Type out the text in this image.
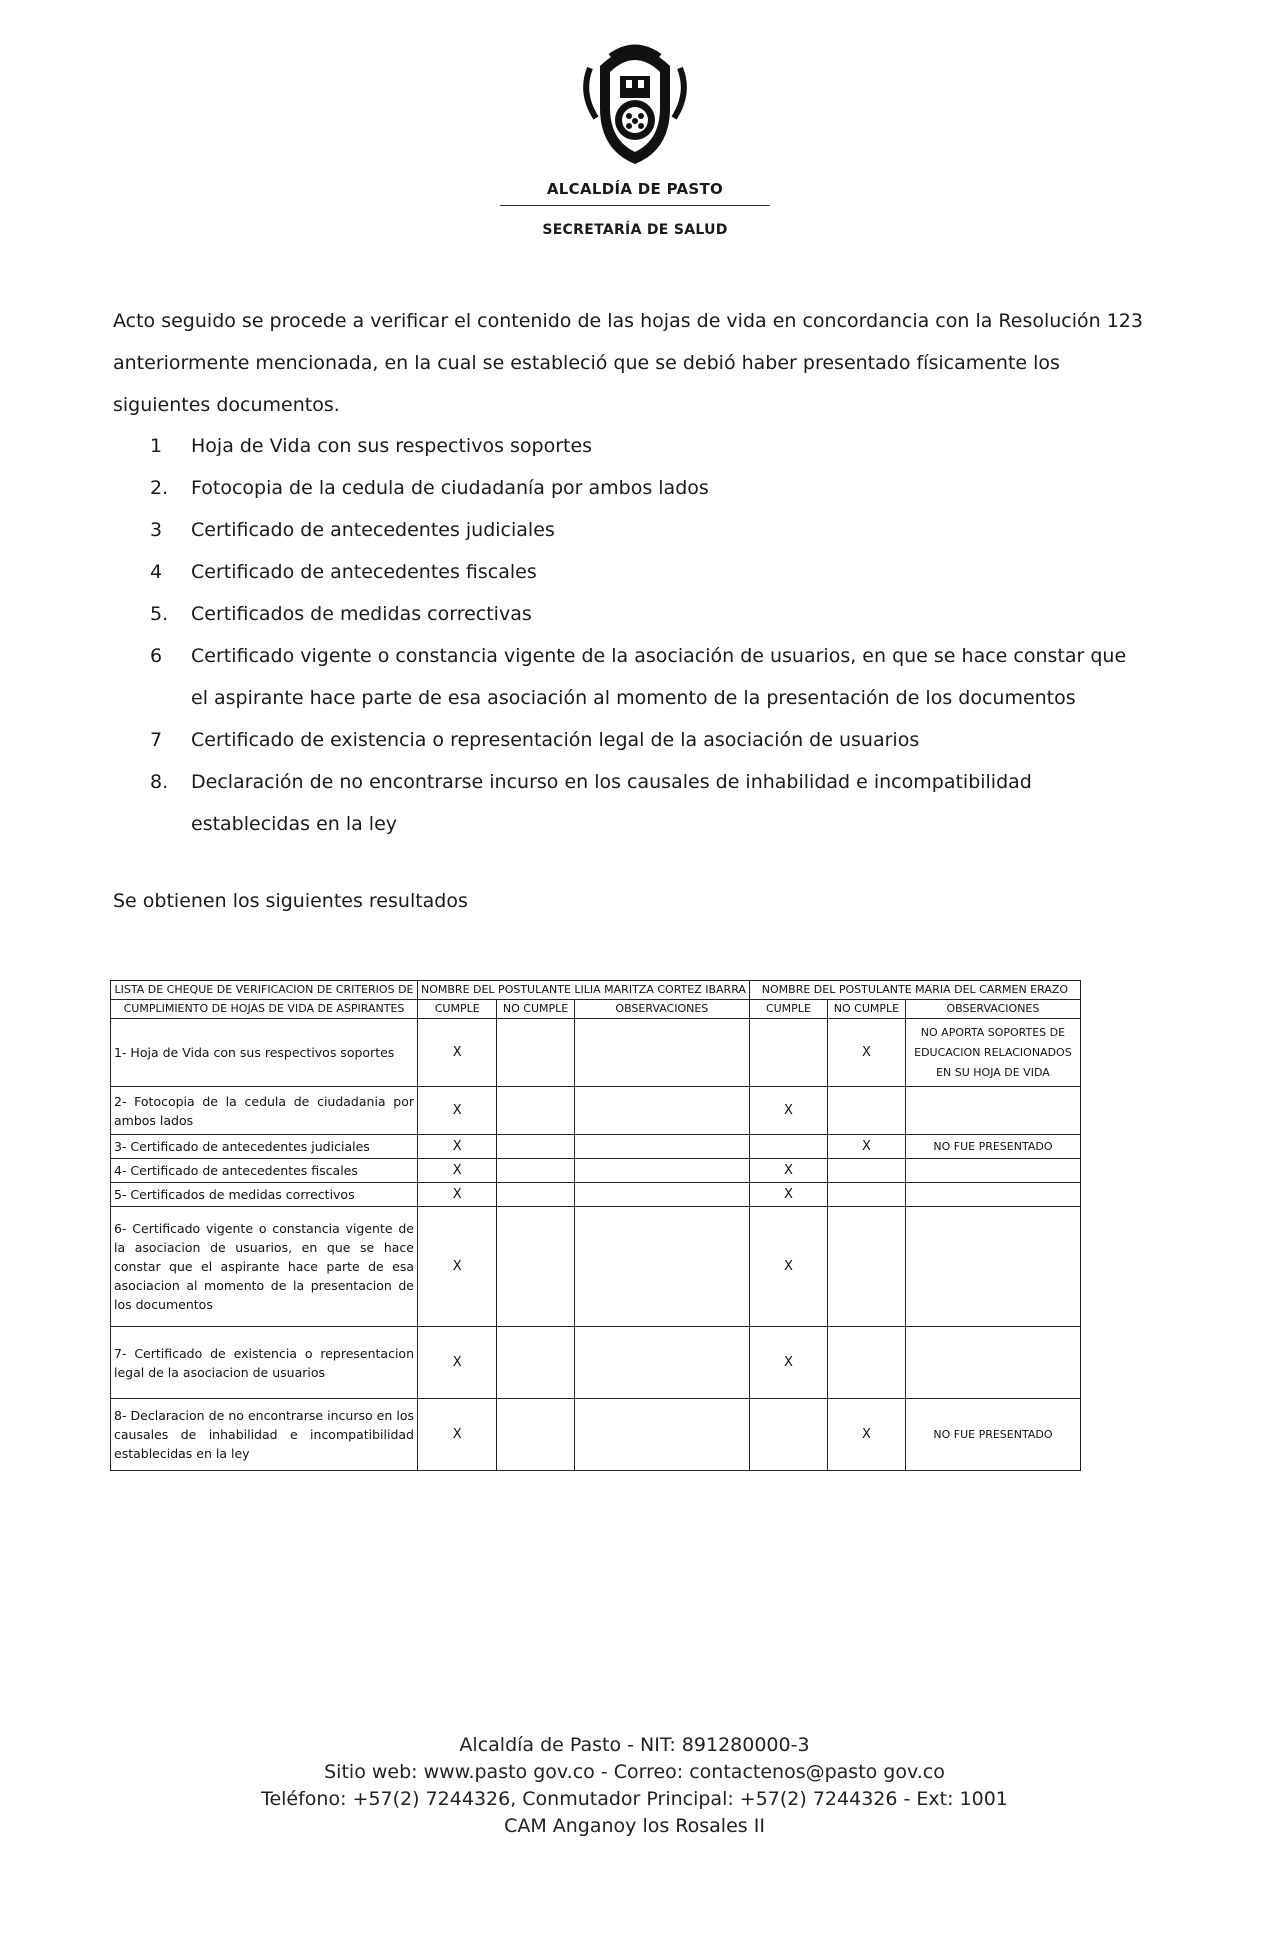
ALCALDÍA DE PASTO
SECRETARÍA DE SALUD

Acto seguido se procede a verificar el contenido de las hojas de vida en concordancia con la Resolución 123 anteriormente mencionada, en la cual se estableció que se debió haber presentado físicamente los siguientes documentos.

1 Hoja de Vida con sus respectivos soportes
2. Fotocopia de la cedula de ciudadanía por ambos lados
3 Certificado de antecedentes judiciales
4 Certificado de antecedentes fiscales
5. Certificados de medidas correctivas
6 Certificado vigente o constancia vigente de la asociación de usuarios, en que se hace constar que el aspirante hace parte de esa asociación al momento de la presentación de los documentos
7 Certificado de existencia o representación legal de la asociación de usuarios
8. Declaración de no encontrarse incurso en los causales de inhabilidad e incompatibilidad establecidas en la ley

Se obtienen los siguientes resultados

LISTA DE CHEQUE DE VERIFICACION DE CRITERIOS DE	NOMBRE DEL POSTULANTE LILIA MARITZA CORTEZ IBARRA			NOMBRE DEL POSTULANTE MARIA DEL CARMEN ERAZO		
CUMPLIMIENTO DE HOJAS DE VIDA DE ASPIRANTES	CUMPLE	NO CUMPLE	OBSERVACIONES	CUMPLE	NO CUMPLE	OBSERVACIONES
1- Hoja de Vida con sus respectivos soportes	X				X	NO APORTA SOPORTES DE EDUCACION RELACIONADOS EN SU HOJA DE VIDA
2- Fotocopia de la cedula de ciudadania por ambos lados	X			X		
3- Certificado de antecedentes judiciales	X				X	NO FUE PRESENTADO
4- Certificado de antecedentes fiscales	X			X		
5- Certificados de medidas correctivos	X			X		
6- Certificado vigente o constancia vigente de la asociacion de usuarios, en que se hace constar que el aspirante hace parte de esa asociacion al momento de la presentacion de los documentos	X			X		
7- Certificado de existencia o representacion legal de la asociacion de usuarios	X			X		
8- Declaracion de no encontrarse incurso en los causales de inhabilidad e incompatibilidad establecidas en la ley	X				X	NO FUE PRESENTADO
Alcaldía de Pasto - NIT: 891280000-3
Sitio web: www.pasto gov.co - Correo: contactenos@pasto gov.co
Teléfono: +57(2) 7244326, Conmutador Principal: +57(2) 7244326 - Ext: 1001
CAM Anganoy los Rosales II
